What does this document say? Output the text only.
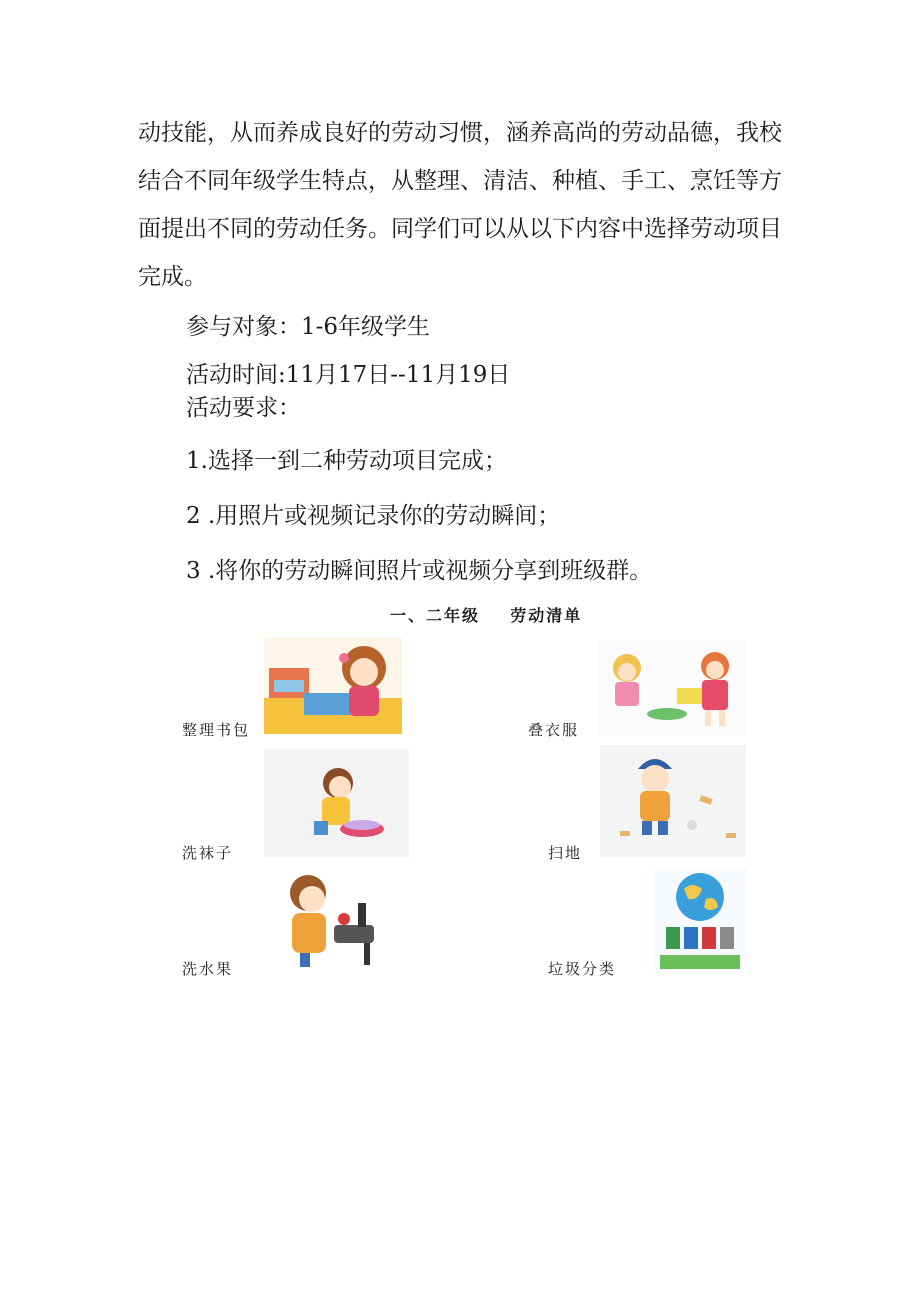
动技能，从而养成良好的劳动习惯，涵养高尚的劳动品德，我校
结合不同年级学生特点，从整理、清洁、种植、手工、烹饪等方
面提出不同的劳动任务。同学们可以从以下内容中选择劳动项目
完成。
参与对象：1-6年级学生
活动时间:11月17日--11月19日
活动要求：
1.选择一到二种劳动项目完成；
2 .用照片或视频记录你的劳动瞬间；
3 .将你的劳动瞬间照片或视频分享到班级群。
一、二年级    劳动清单
整理书包	叠衣服
洗袜子	扫地
洗水果	垃圾分类
